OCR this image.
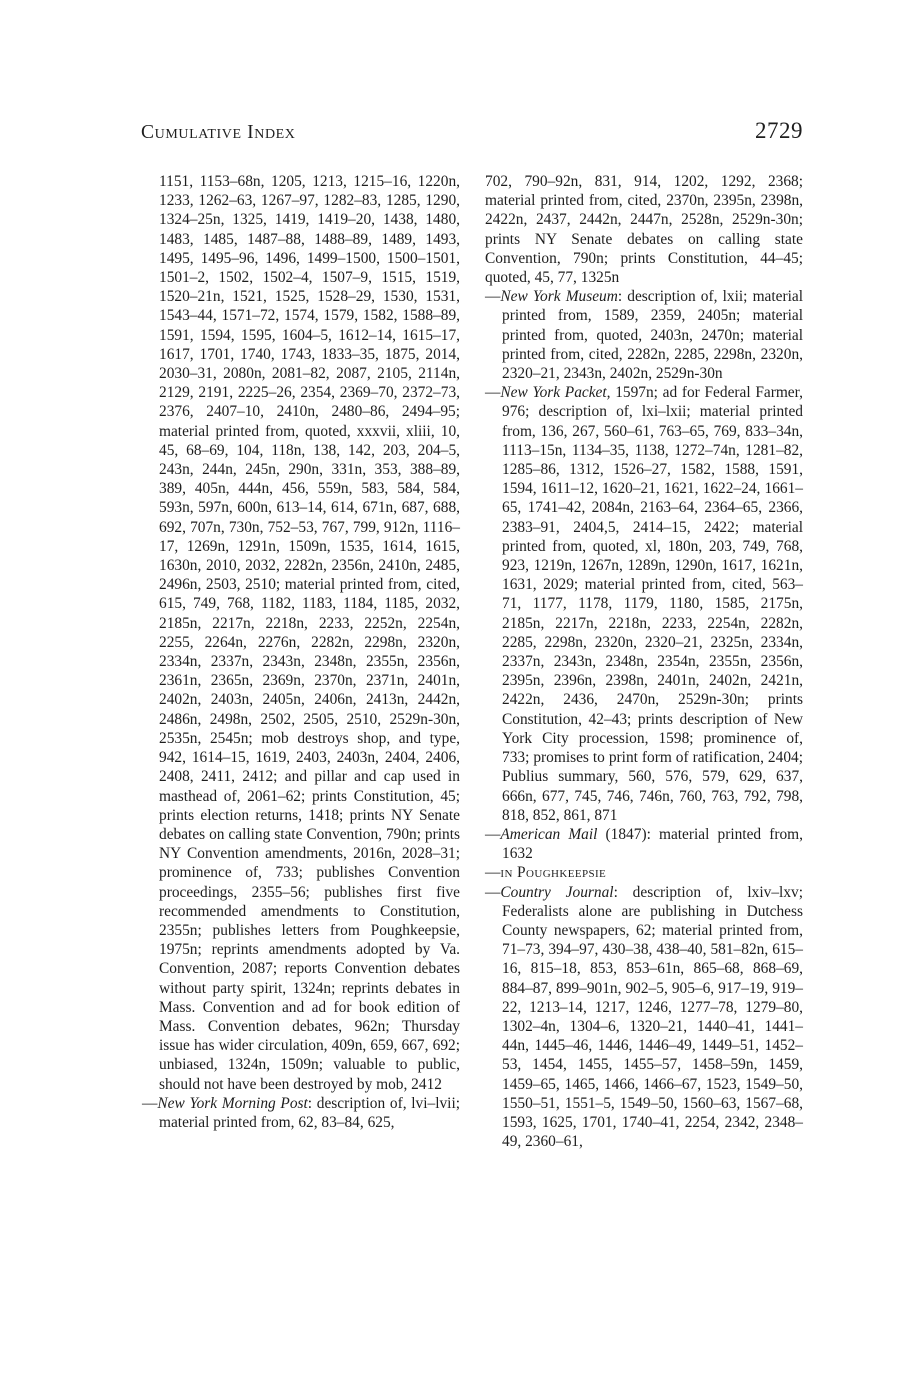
Cumulative Index	2729

1151, 1153–68n, 1205, 1213, 1215–16, 1220n, 1233, 1262–63, 1267–97, 1282–83, 1285, 1290, 1324–25n, 1325, 1419, 1419–20, 1438, 1480, 1483, 1485, 1487–88, 1488–89, 1489, 1493, 1495, 1495–96, 1496, 1499–1500, 1500–1501, 1501–2, 1502, 1502–4, 1507–9, 1515, 1519, 1520–21n, 1521, 1525, 1528–29, 1530, 1531, 1543–44, 1571–72, 1574, 1579, 1582, 1588–89, 1591, 1594, 1595, 1604–5, 1612–14, 1615–17, 1617, 1701, 1740, 1743, 1833–35, 1875, 2014, 2030–31, 2080n, 2081–82, 2087, 2105, 2114n, 2129, 2191, 2225–26, 2354, 2369–70, 2372–73, 2376, 2407–10, 2410n, 2480–86, 2494–95; material printed from, quoted, xxxvii, xliii, 10, 45, 68–69, 104, 118n, 138, 142, 203, 204–5, 243n, 244n, 245n, 290n, 331n, 353, 388–89, 389, 405n, 444n, 456, 559n, 583, 584, 584, 593n, 597n, 600n, 613–14, 614, 671n, 687, 688, 692, 707n, 730n, 752–53, 767, 799, 912n, 1116–17, 1269n, 1291n, 1509n, 1535, 1614, 1615, 1630n, 2010, 2032, 2282n, 2356n, 2410n, 2485, 2496n, 2503, 2510; material printed from, cited, 615, 749, 768, 1182, 1183, 1184, 1185, 2032, 2185n, 2217n, 2218n, 2233, 2252n, 2254n, 2255, 2264n, 2276n, 2282n, 2298n, 2320n, 2334n, 2337n, 2343n, 2348n, 2355n, 2356n, 2361n, 2365n, 2369n, 2370n, 2371n, 2401n, 2402n, 2403n, 2405n, 2406n, 2413n, 2442n, 2486n, 2498n, 2502, 2505, 2510, 2529n-30n, 2535n, 2545n; mob destroys shop, and type, 942, 1614–15, 1619, 2403, 2403n, 2404, 2406, 2408, 2411, 2412; and pillar and cap used in masthead of, 2061–62; prints Constitution, 45; prints election returns, 1418; prints NY Senate debates on calling state Convention, 790n; prints NY Convention amendments, 2016n, 2028–31; prominence of, 733; publishes Convention proceedings, 2355–56; publishes first five recommended amendments to Constitution, 2355n; publishes letters from Poughkeepsie, 1975n; reprints amendments adopted by Va. Convention, 2087; reports Convention debates without party spirit, 1324n; reprints debates in Mass. Convention and ad for book edition of Mass. Convention debates, 962n; Thursday issue has wider circulation, 409n, 659, 667, 692; unbiased, 1324n, 1509n; valuable to public, should not have been destroyed by mob, 2412

—New York Morning Post: description of, lvi–lvii; material printed from, 62, 83–84, 625,

702, 790–92n, 831, 914, 1202, 1292, 2368; material printed from, cited, 2370n, 2395n, 2398n, 2422n, 2437, 2442n, 2447n, 2528n, 2529n-30n; prints NY Senate debates on calling state Convention, 790n; prints Constitution, 44–45; quoted, 45, 77, 1325n

—New York Museum: description of, lxii; material printed from, 1589, 2359, 2405n; material printed from, quoted, 2403n, 2470n; material printed from, cited, 2282n, 2285, 2298n, 2320n, 2320–21, 2343n, 2402n, 2529n-30n

—New York Packet, 1597n; ad for Federal Farmer, 976; description of, lxi–lxii; material printed from, 136, 267, 560–61, 763–65, 769, 833–34n, 1113–15n, 1134–35, 1138, 1272–74n, 1281–82, 1285–86, 1312, 1526–27, 1582, 1588, 1591, 1594, 1611–12, 1620–21, 1621, 1622–24, 1661–65, 1741–42, 2084n, 2163–64, 2364–65, 2366, 2383–91, 2404,5, 2414–15, 2422; material printed from, quoted, xl, 180n, 203, 749, 768, 923, 1219n, 1267n, 1289n, 1290n, 1617, 1621n, 1631, 2029; material printed from, cited, 563–71, 1177, 1178, 1179, 1180, 1585, 2175n, 2185n, 2217n, 2218n, 2233, 2254n, 2282n, 2285, 2298n, 2320n, 2320–21, 2325n, 2334n, 2337n, 2343n, 2348n, 2354n, 2355n, 2356n, 2395n, 2396n, 2398n, 2401n, 2402n, 2421n, 2422n, 2436, 2470n, 2529n-30n; prints Constitution, 42–43; prints description of New York City procession, 1598; prominence of, 733; promises to print form of ratification, 2404; Publius summary, 560, 576, 579, 629, 637, 666n, 677, 745, 746, 746n, 760, 763, 792, 798, 818, 852, 861, 871

—American Mail (1847): material printed from, 1632

—in Poughkeepsie

—Country Journal: description of, lxiv–lxv; Federalists alone are publishing in Dutchess County newspapers, 62; material printed from, 71–73, 394–97, 430–38, 438–40, 581–82n, 615–16, 815–18, 853, 853–61n, 865–68, 868–69, 884–87, 899–901n, 902–5, 905–6, 917–19, 919–22, 1213–14, 1217, 1246, 1277–78, 1279–80, 1302–4n, 1304–6, 1320–21, 1440–41, 1441–44n, 1445–46, 1446, 1446–49, 1449–51, 1452–53, 1454, 1455, 1455–57, 1458–59n, 1459, 1459–65, 1465, 1466, 1466–67, 1523, 1549–50, 1550–51, 1551–5, 1549–50, 1560–63, 1567–68, 1593, 1625, 1701, 1740–41, 2254, 2342, 2348–49, 2360–61,
